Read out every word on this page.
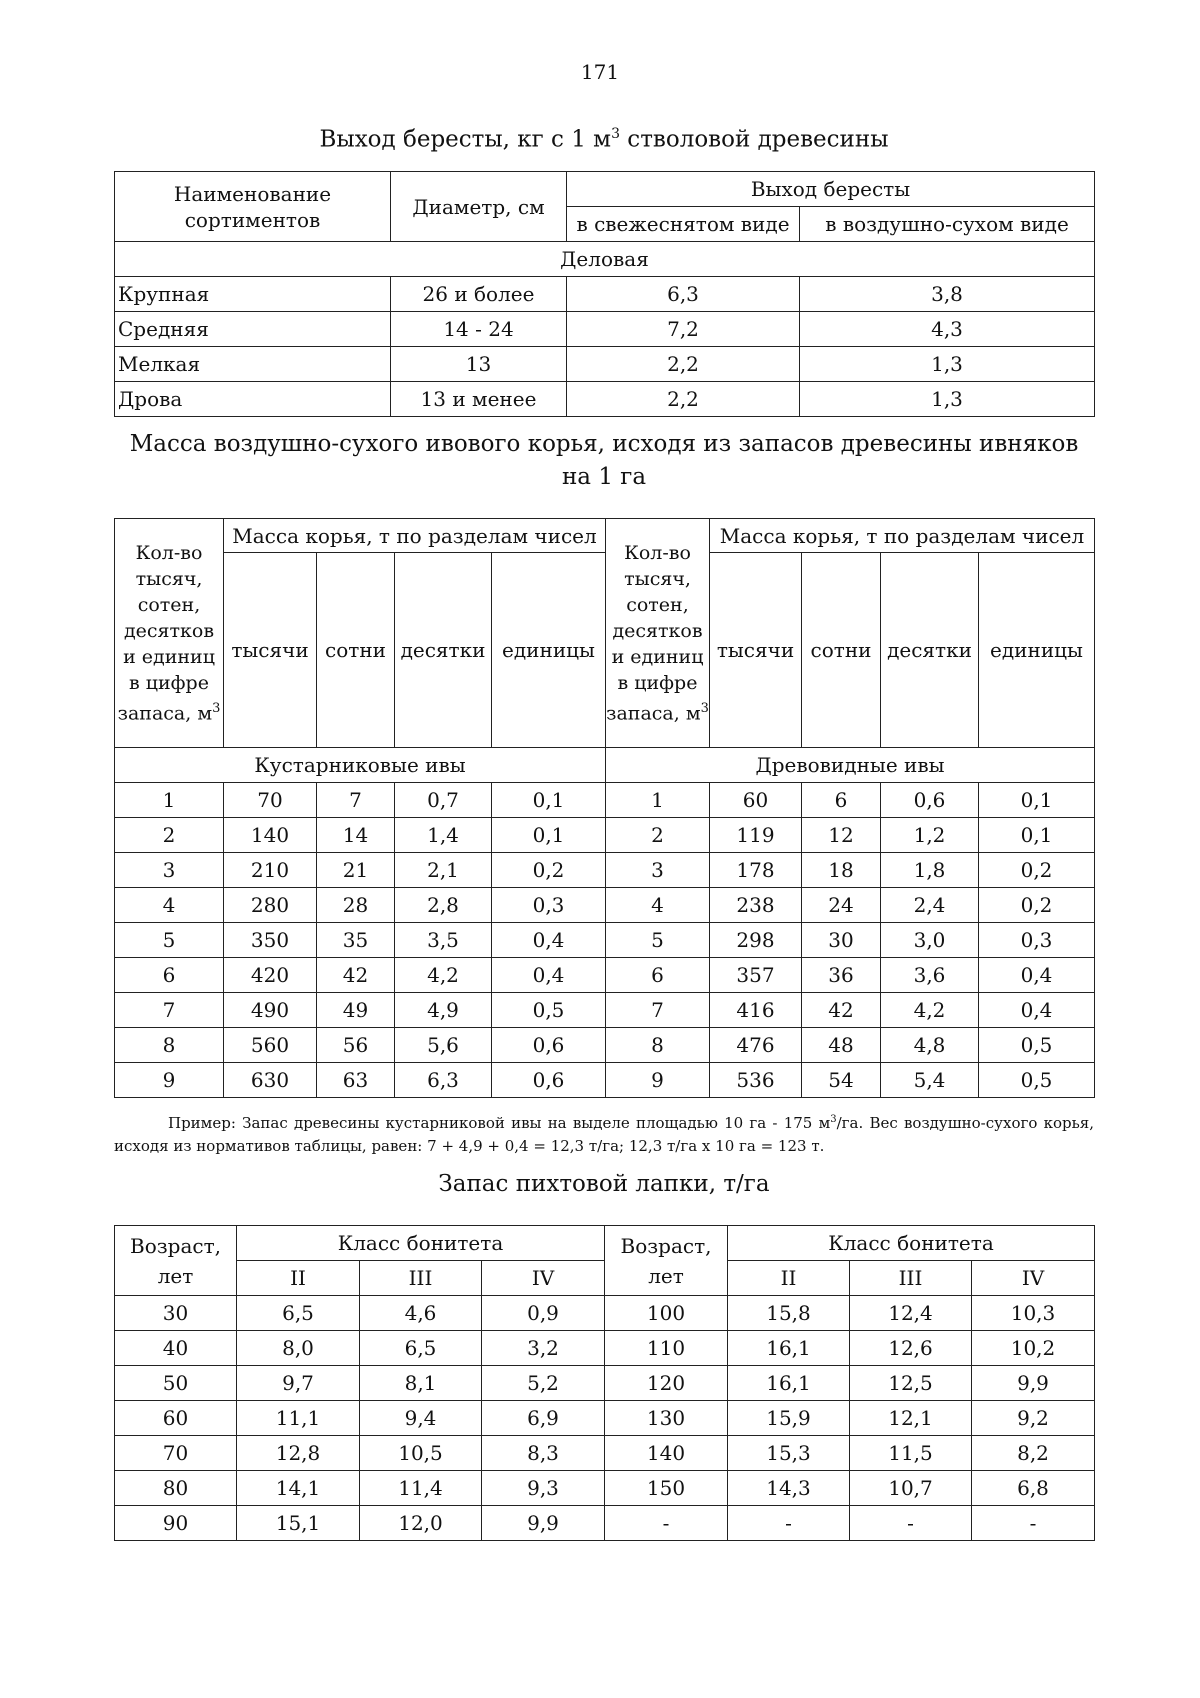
171
Выход бересты, кг с 1 $м^3$ стволовой древесины
Наименование сортиментов	Диаметр, см	Выход бересты	
		в свежеснятом виде	в воздушно-сухом виде
Деловая			
Крупная	26 и более	6,3	3,8
Средняя	14 - 24	7,2	4,3
Мелкая	13	2,2	1,3
Дрова	13 и менее	2,2	1,3
Масса воздушно-сухого ивового корья, исходя из запасов древесины ивняков на 1 га
Кол-во тысяч, сотен, десятков и единиц в цифре запаса, $м^3$	Масса корья, т по разделам чисел				Кол-во тысяч, сотен, десятков и единиц в цифре запаса, $м^3$	Масса корья, т по разделам чисел			
	тысячи	сотни	десятки	единицы		тысячи	сотни	десятки	единицы
Кустарниковые ивы					Древовидные ивы				
1	70	7	0,7	0,1	1	60	6	0,6	0,1
2	140	14	1,4	0,1	2	119	12	1,2	0,1
3	210	21	2,1	0,2	3	178	18	1,8	0,2
4	280	28	2,8	0,3	4	238	24	2,4	0,2
5	350	35	3,5	0,4	5	298	30	3,0	0,3
6	420	42	4,2	0,4	6	357	36	3,6	0,4
7	490	49	4,9	0,5	7	416	42	4,2	0,4
8	560	56	5,6	0,6	8	476	48	4,8	0,5
9	630	63	6,3	0,6	9	536	54	5,4	0,5
Пример: Запас древесины кустарниковой ивы на выделе площадью 10 га - 175 $м^3/га$. Вес воздушно-сухого корья, исходя из нормативов таблицы, равен: 7 + 4,9 + 0,4 = 12,3 т/га; 12,3 т/га х 10 га = 123 т.
Запас пихтовой лапки, т/га
Возраст, лет	Класс бонитета			Возраст, лет	Класс бонитета		
	II	III	IV		II	III	IV
30	6,5	4,6	0,9	100	15,8	12,4	10,3
40	8,0	6,5	3,2	110	16,1	12,6	10,2
50	9,7	8,1	5,2	120	16,1	12,5	9,9
60	11,1	9,4	6,9	130	15,9	12,1	9,2
70	12,8	10,5	8,3	140	15,3	11,5	8,2
80	14,1	11,4	9,3	150	14,3	10,7	6,8
90	15,1	12,0	9,9	-	-	-	-
